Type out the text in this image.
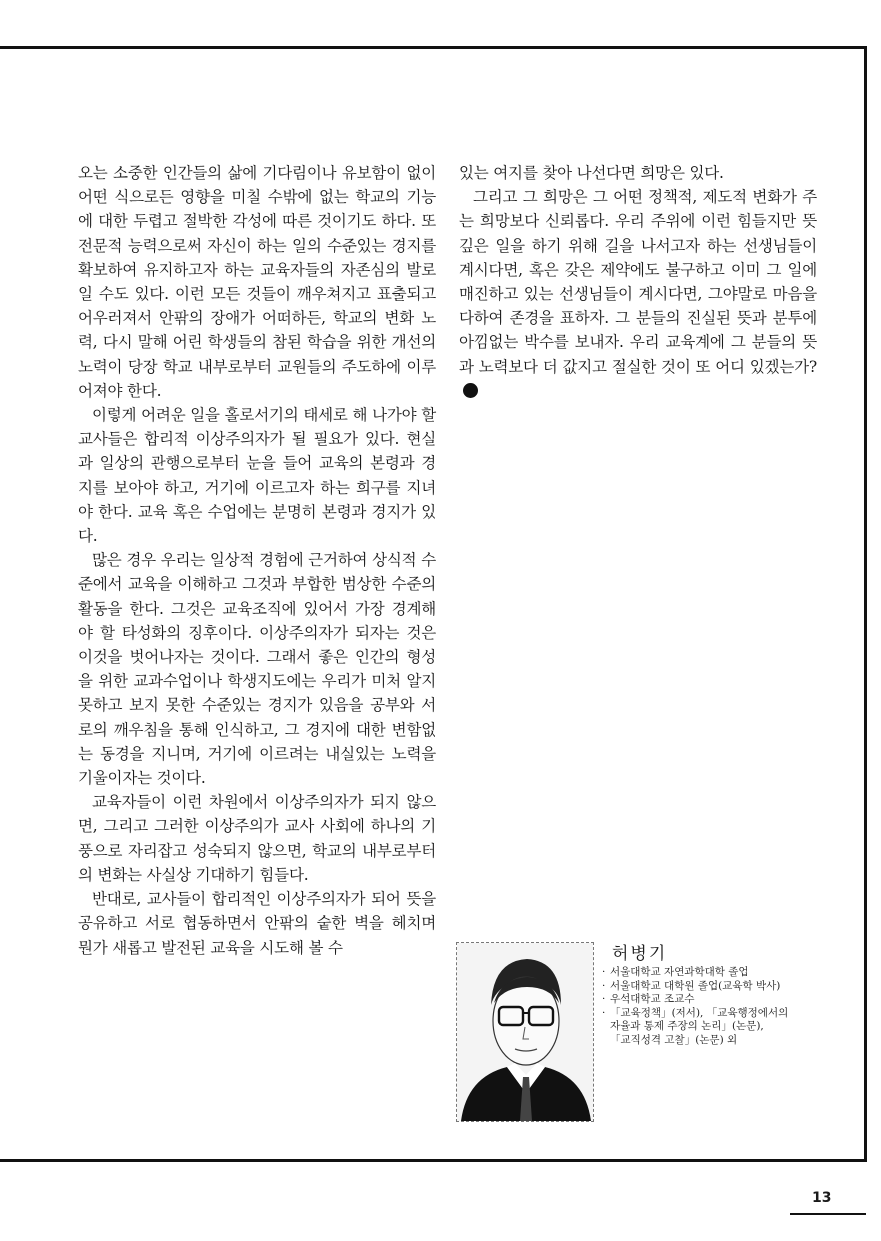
오는 소중한 인간들의 삶에 기다림이나 유보함이 없이 어떤 식으로든 영향을 미칠 수밖에 없는 학교의 기능에 대한 두렵고 절박한 각성에 따른 것이기도 하다. 또 전문적 능력으로써 자신이 하는 일의 수준있는 경지를 확보하여 유지하고자 하는 교육자들의 자존심의 발로일 수도 있다. 이런 모든 것들이 깨우쳐지고 표출되고 어우러져서 안팎의 장애가 어떠하든, 학교의 변화 노력, 다시 말해 어린 학생들의 참된 학습을 위한 개선의 노력이 당장 학교 내부로부터 교원들의 주도하에 이루어져야 한다.

이렇게 어려운 일을 홀로서기의 태세로 해 나가야 할 교사들은 합리적 이상주의자가 될 필요가 있다. 현실과 일상의 관행으로부터 눈을 들어 교육의 본령과 경지를 보아야 하고, 거기에 이르고자 하는 희구를 지녀야 한다. 교육 혹은 수업에는 분명히 본령과 경지가 있다.

많은 경우 우리는 일상적 경험에 근거하여 상식적 수준에서 교육을 이해하고 그것과 부합한 범상한 수준의 활동을 한다. 그것은 교육조직에 있어서 가장 경계해야 할 타성화의 징후이다. 이상주의자가 되자는 것은 이것을 벗어나자는 것이다. 그래서 좋은 인간의 형성을 위한 교과수업이나 학생지도에는 우리가 미처 알지 못하고 보지 못한 수준있는 경지가 있음을 공부와 서로의 깨우침을 통해 인식하고, 그 경지에 대한 변함없는 동경을 지니며, 거기에 이르려는 내실있는 노력을 기울이자는 것이다.

교육자들이 이런 차원에서 이상주의자가 되지 않으면, 그리고 그러한 이상주의가 교사 사회에 하나의 기풍으로 자리잡고 성숙되지 않으면, 학교의 내부로부터의 변화는 사실상 기대하기 힘들다.

반대로, 교사들이 합리적인 이상주의자가 되어 뜻을 공유하고 서로 협동하면서 안팎의 숱한 벽을 헤치며 뭔가 새롭고 발전된 교육을 시도해 볼 수

있는 여지를 찾아 나선다면 희망은 있다.

그리고 그 희망은 그 어떤 정책적, 제도적 변화가 주는 희망보다 신뢰롭다. 우리 주위에 이런 힘들지만 뜻깊은 일을 하기 위해 길을 나서고자 하는 선생님들이 계시다면, 혹은 갖은 제약에도 불구하고 이미 그 일에 매진하고 있는 선생님들이 계시다면, 그야말로 마음을 다하여 존경을 표하자. 그 분들의 진실된 뜻과 분투에 아낌없는 박수를 보내자. 우리 교육계에 그 분들의 뜻과 노력보다 더 값지고 절실한 것이 또 어디 있겠는가?

허병기
· 서울대학교 자연과학대학 졸업
· 서울대학교 대학원 졸업(교육학 박사)
· 우석대학교 조교수
· 「교육정책」(저서), 「교육행정에서의
자율과 통제 주장의 논리」(논문),
「교직성격 고찰」(논문) 외
13
